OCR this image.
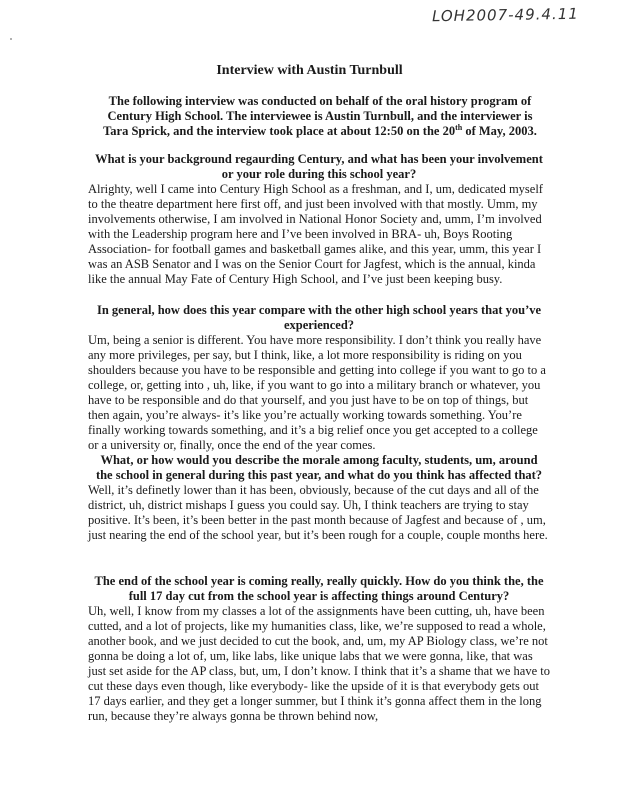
LOH2007-49.4.11
Interview with Austin Turnbull

The following interview was conducted on behalf of the oral history program of Century High School. The interviewee is Austin Turnbull, and the interviewer is Tara Sprick, and the interview took place at about 12:50 on the 20th of May, 2003.

What is your background regaurding Century, and what has been your involvement or your role during this school year?

Alrighty, well I came into Century High School as a freshman, and I, um, dedicated myself to the theatre department here first off, and just been involved with that mostly. Umm, my involvements otherwise, I am involved in National Honor Society and, umm, I’m involved with the Leadership program here and I’ve been involved in BRA- uh, Boys Rooting Association- for football games and basketball games alike, and this year, umm, this year I was an ASB Senator and I was on the Senior Court for Jagfest, which is the annual, kinda like the annual May Fate of Century High School, and I’ve just been keeping busy.

In general, how does this year compare with the other high school years that you’ve experienced?

Um, being a senior is different. You have more responsibility. I don’t think you really have any more privileges, per say, but I think, like, a lot more responsibility is riding on you shoulders because you have to be responsible and getting into college if you want to go to a college, or, getting into , uh, like, if you want to go into a military branch or whatever, you have to be responsible and do that yourself, and you just have to be on top of things, but then again, you’re always- it’s like you’re actually working towards something. You’re finally working towards something, and it’s a big relief once you get accepted to a college or a university or, finally, once the end of the year comes.

What, or how would you describe the morale among faculty, students, um, around the school in general during this past year, and what do you think has affected that?

Well, it’s definetly lower than it has been, obviously, because of the cut days and all of the district, uh, district mishaps I guess you could say. Uh, I think teachers are trying to stay positive. It’s been, it’s been better in the past month because of Jagfest and because of , um, just nearing the end of the school year, but it’s been rough for a couple, couple months here.

The end of the school year is coming really, really quickly. How do you think the, the full 17 day cut from the school year is affecting things around Century?

Uh, well, I know from my classes a lot of the assignments have been cutting, uh, have been cutted, and a lot of projects, like my humanities class, like, we’re supposed to read a whole, another book, and we just decided to cut the book, and, um, my AP Biology class, we’re not gonna be doing a lot of, um, like labs, like unique labs that we were gonna, like, that was just set aside for the AP class, but, um, I don’t know. I think that it’s a shame that we have to cut these days even though, like everybody- like the upside of it is that everybody gets out 17 days earlier, and they get a longer summer, but I think it’s gonna affect them in the long run, because they’re always gonna be thrown behind now,
